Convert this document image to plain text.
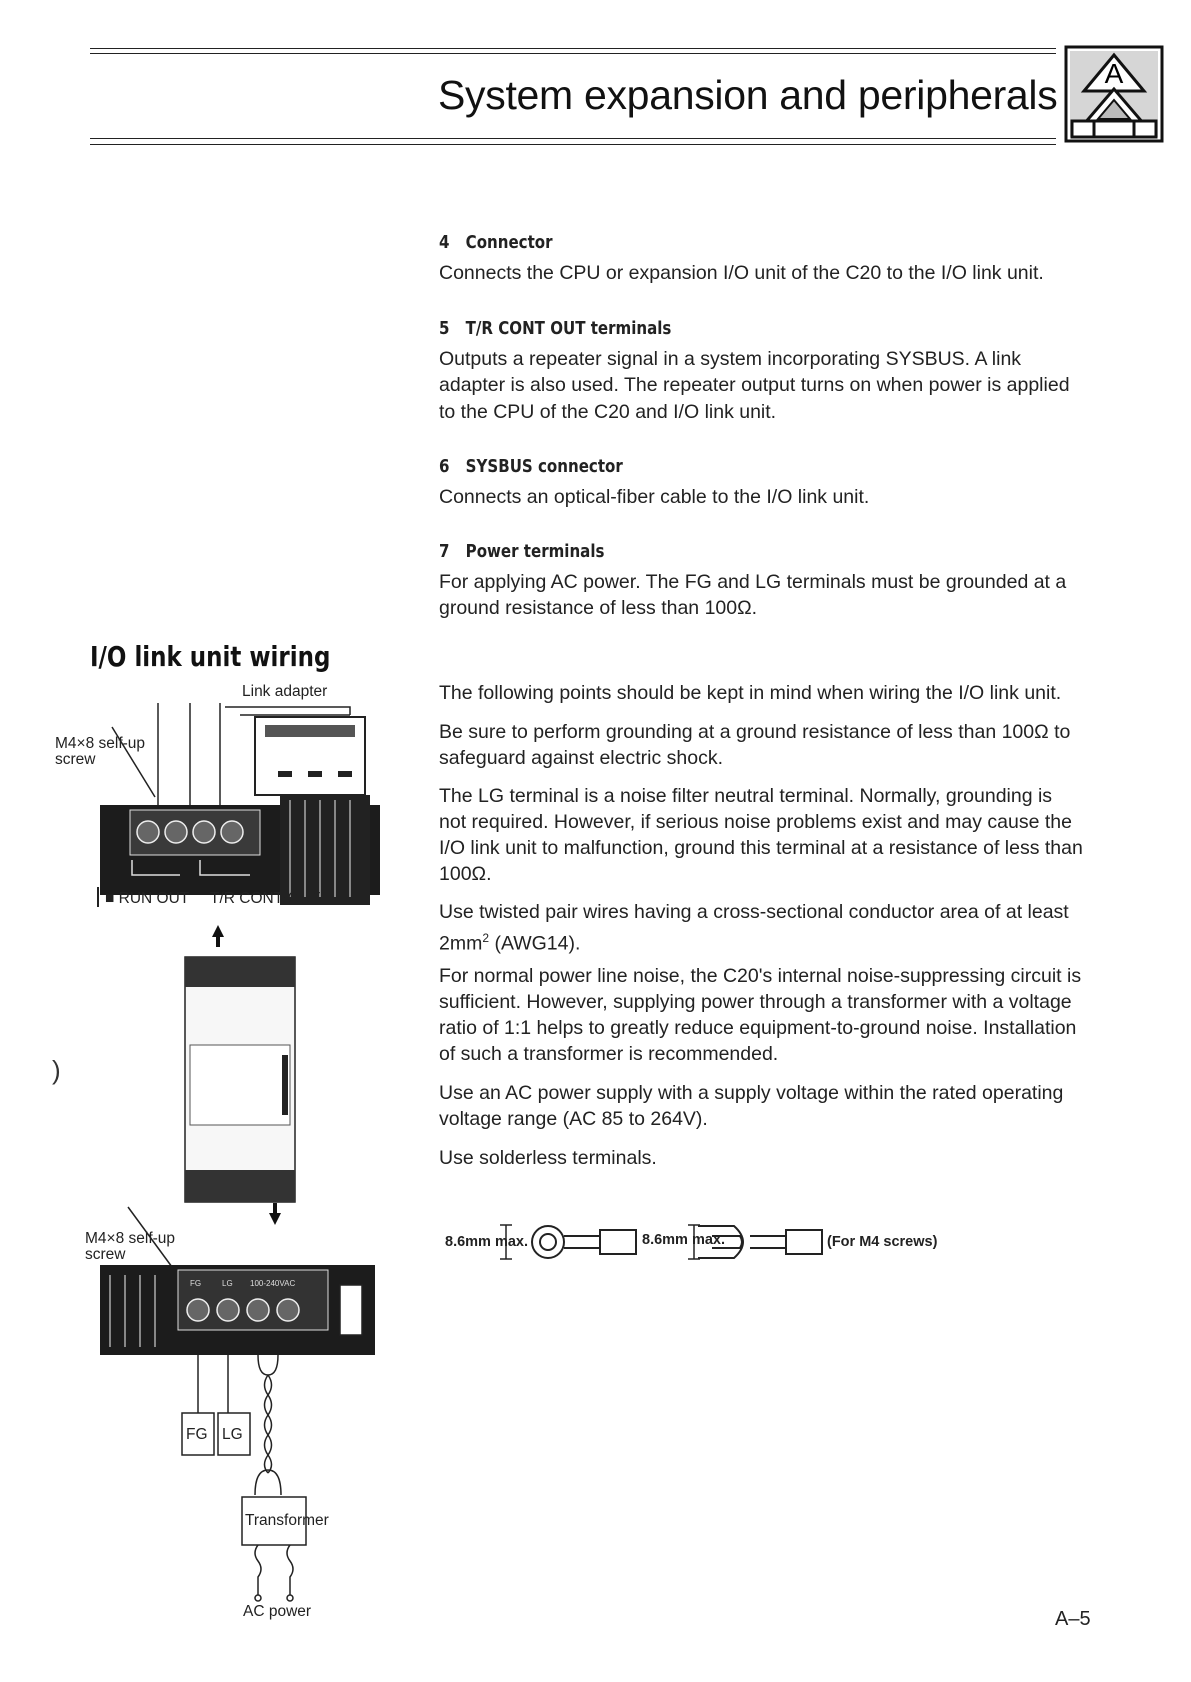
System expansion and peripherals A
4 Connector
Connects the CPU or expansion I/O unit of the C20 to the I/O link unit.
5 T/R CONT OUT terminals
Outputs a repeater signal in a system incorporating SYSBUS. A link adapter is also used. The repeater output turns on when power is applied to the CPU of the C20 and I/O link unit.
6 SYSBUS connector
Connects an optical-fiber cable to the I/O link unit.
7 Power terminals
For applying AC power. The FG and LG terminals must be grounded at a ground resistance of less than 100Ω.
I/O link unit wiring
The following points should be kept in mind when wiring the I/O link unit.
Be sure to perform grounding at a ground resistance of less than 100Ω to safeguard against electric shock.
The LG terminal is a noise filter neutral terminal. Normally, grounding is not required. However, if serious noise problems exist and may cause the I/O link unit to malfunction, ground this terminal at a resistance of less than 100Ω.
Use twisted pair wires having a cross-sectional conductor area of at least $2mm^2$ (AWG14).
For normal power line noise, the C20's internal noise-suppressing circuit is sufficient. However, supplying power through a transformer with a voltage ratio of 1:1 helps to greatly reduce equipment-to-ground noise. Installation of such a transformer is recommended.
Use an AC power supply with a supply voltage within the rated operating voltage range (AC 85 to 264V).
Use solderless terminals.
8.6mm max.	8.6mm max.	(For M4 screws)
Link adapter
M4×8 self-up
screw
■ RUN OUT T/R CONT/OUT
M4×8 self-up
screw
FG	LG 100-240VAC
FG LG
Transformer
AC power
)
A–5
